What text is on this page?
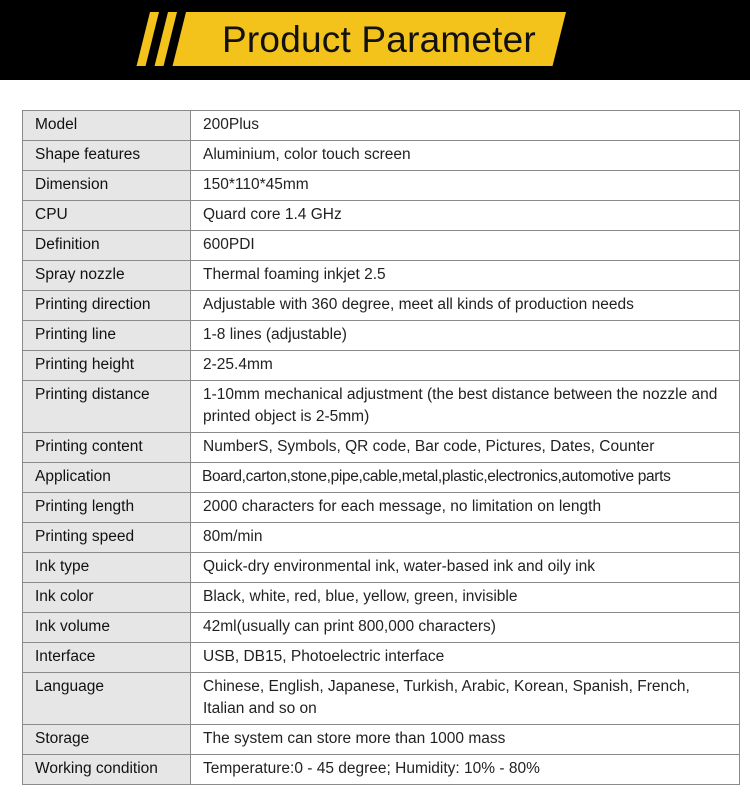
Product Parameter
Model	200Plus
Shape features	Aluminium, color touch screen
Dimension	150*110*45mm
CPU	Quard core 1.4 GHz
Definition	600PDI
Spray nozzle	Thermal foaming inkjet 2.5
Printing direction	Adjustable with 360 degree, meet all kinds of production needs
Printing line	1-8 lines (adjustable)
Printing height	2-25.4mm
Printing distance	1-10mm mechanical adjustment (the best distance between the nozzle and printed object is 2-5mm)
Printing content	NumberS, Symbols, QR code, Bar code, Pictures, Dates, Counter
Application	Board,carton,stone,pipe,cable,metal,plastic,electronics,automotive parts
Printing length	2000 characters for each message, no limitation on length
Printing speed	80m/min
Ink type	Quick-dry environmental ink, water-based ink and oily ink
Ink color	Black, white, red, blue, yellow, green, invisible
Ink volume	42ml(usually can print 800,000 characters)
Interface	USB, DB15, Photoelectric interface
Language	Chinese, English, Japanese, Turkish, Arabic, Korean, Spanish, French, Italian and so on
Storage	The system can store more than 1000 mass
Working condition	Temperature:0 - 45 degree; Humidity: 10% - 80%
